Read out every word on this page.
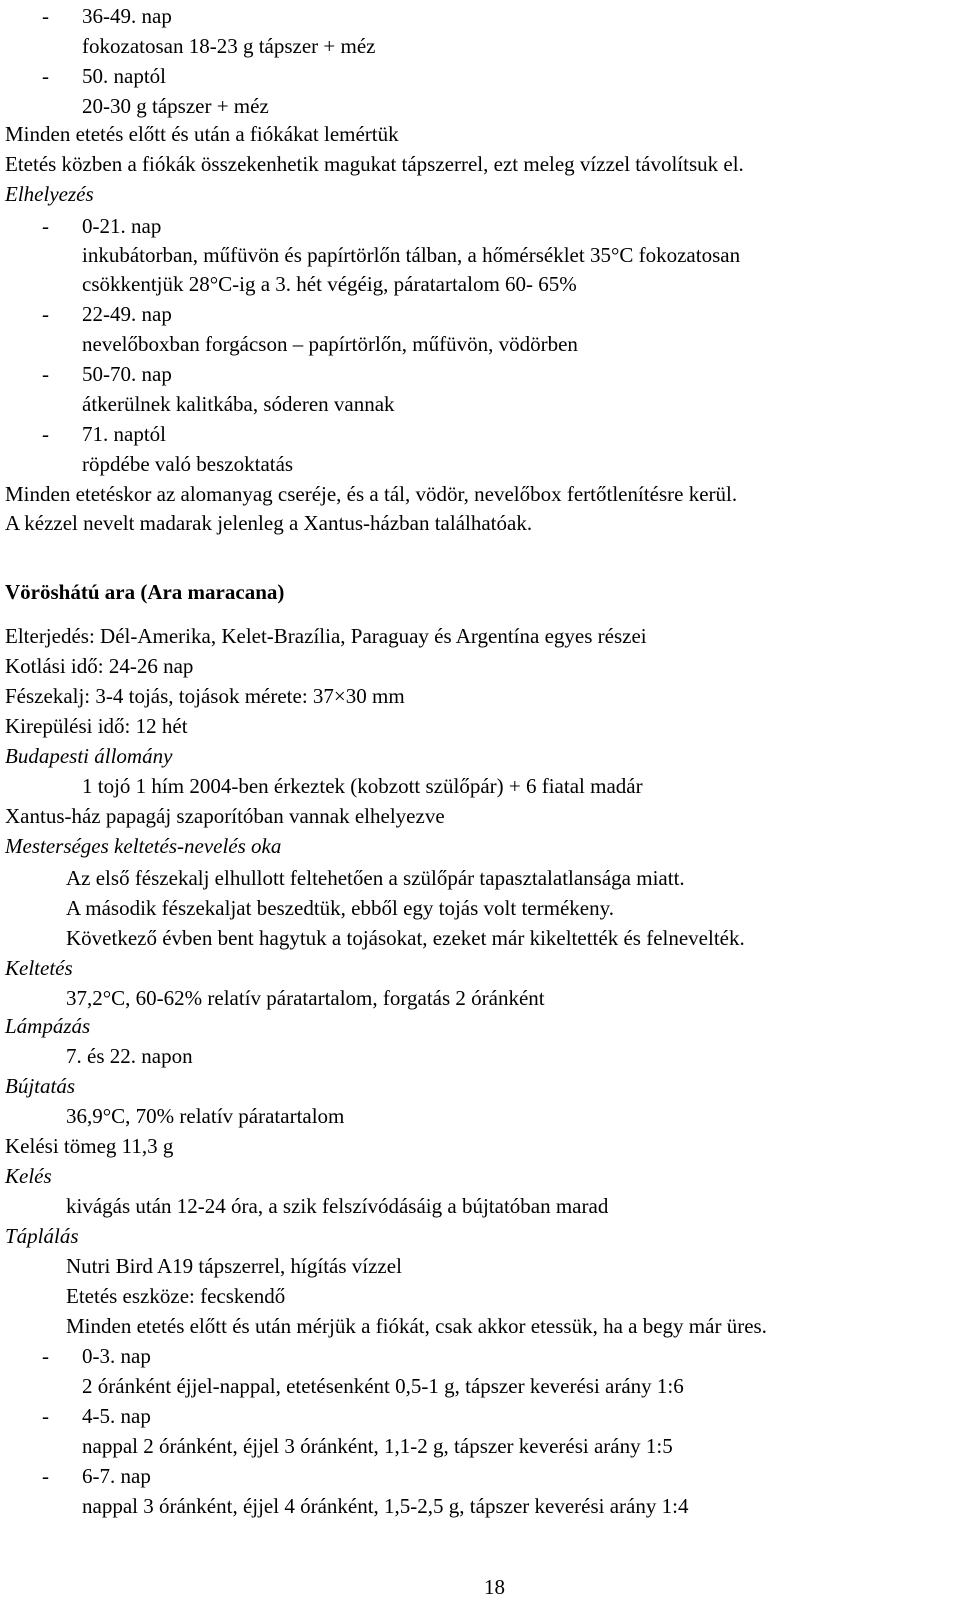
- 36-49. nap
fokozatosan 18-23 g tápszer + méz
- 50. naptól
20-30 g tápszer + méz
Minden etetés előtt és után a fiókákat lemértük
Etetés közben a fiókák összekenhetik magukat tápszerrel, ezt meleg vízzel távolítsuk el.
Elhelyezés
- 0-21. nap
inkubátorban, műfüvön és papírtörlőn tálban, a hőmérséklet 35°C fokozatosan
csökkentjük 28°C-ig a 3. hét végéig, páratartalom 60- 65%
- 22-49. nap
nevelőboxban forgácson – papírtörlőn, műfüvön, vödörben
- 50-70. nap
átkerülnek kalitkába, sóderen vannak
- 71. naptól
röpdébe való beszoktatás
Minden etetéskor az alomanyag cseréje, és a tál, vödör, nevelőbox fertőtlenítésre kerül.
A kézzel nevelt madarak jelenleg a Xantus-házban találhatóak.
Vöröshátú ara (Ara maracana)
Elterjedés: Dél-Amerika, Kelet-Brazília, Paraguay és Argentína egyes részei
Kotlási idő: 24-26 nap
Fészekalj: 3-4 tojás, tojások mérete: 37×30 mm
Kirepülési idő: 12 hét
Budapesti állomány
1 tojó 1 hím 2004-ben érkeztek (kobzott szülőpár) + 6 fiatal madár
Xantus-ház papagáj szaporítóban vannak elhelyezve
Mesterséges keltetés-nevelés oka
Az első fészekalj elhullott feltehetően a szülőpár tapasztalatlansága miatt.
A második fészekaljat beszedtük, ebből egy tojás volt termékeny.
Következő évben bent hagytuk a tojásokat, ezeket már kikeltették és felnevelték.
Keltetés
37,2°C, 60-62% relatív páratartalom, forgatás 2 óránként
Lámpázás
7. és 22. napon
Bújtatás
36,9°C, 70% relatív páratartalom
Kelési tömeg 11,3 g
Kelés
kivágás után 12-24 óra, a szik felszívódásáig a bújtatóban marad
Táplálás
Nutri Bird A19 tápszerrel, hígítás vízzel
Etetés eszköze: fecskendő
Minden etetés előtt és után mérjük a fiókát, csak akkor etessük, ha a begy már üres.
- 0-3. nap
2 óránként éjjel-nappal, etetésenként 0,5-1 g, tápszer keverési arány 1:6
- 4-5. nap
nappal 2 óránként, éjjel 3 óránként, 1,1-2 g, tápszer keverési arány 1:5
- 6-7. nap
nappal 3 óránként, éjjel 4 óránként, 1,5-2,5 g, tápszer keverési arány 1:4
18
